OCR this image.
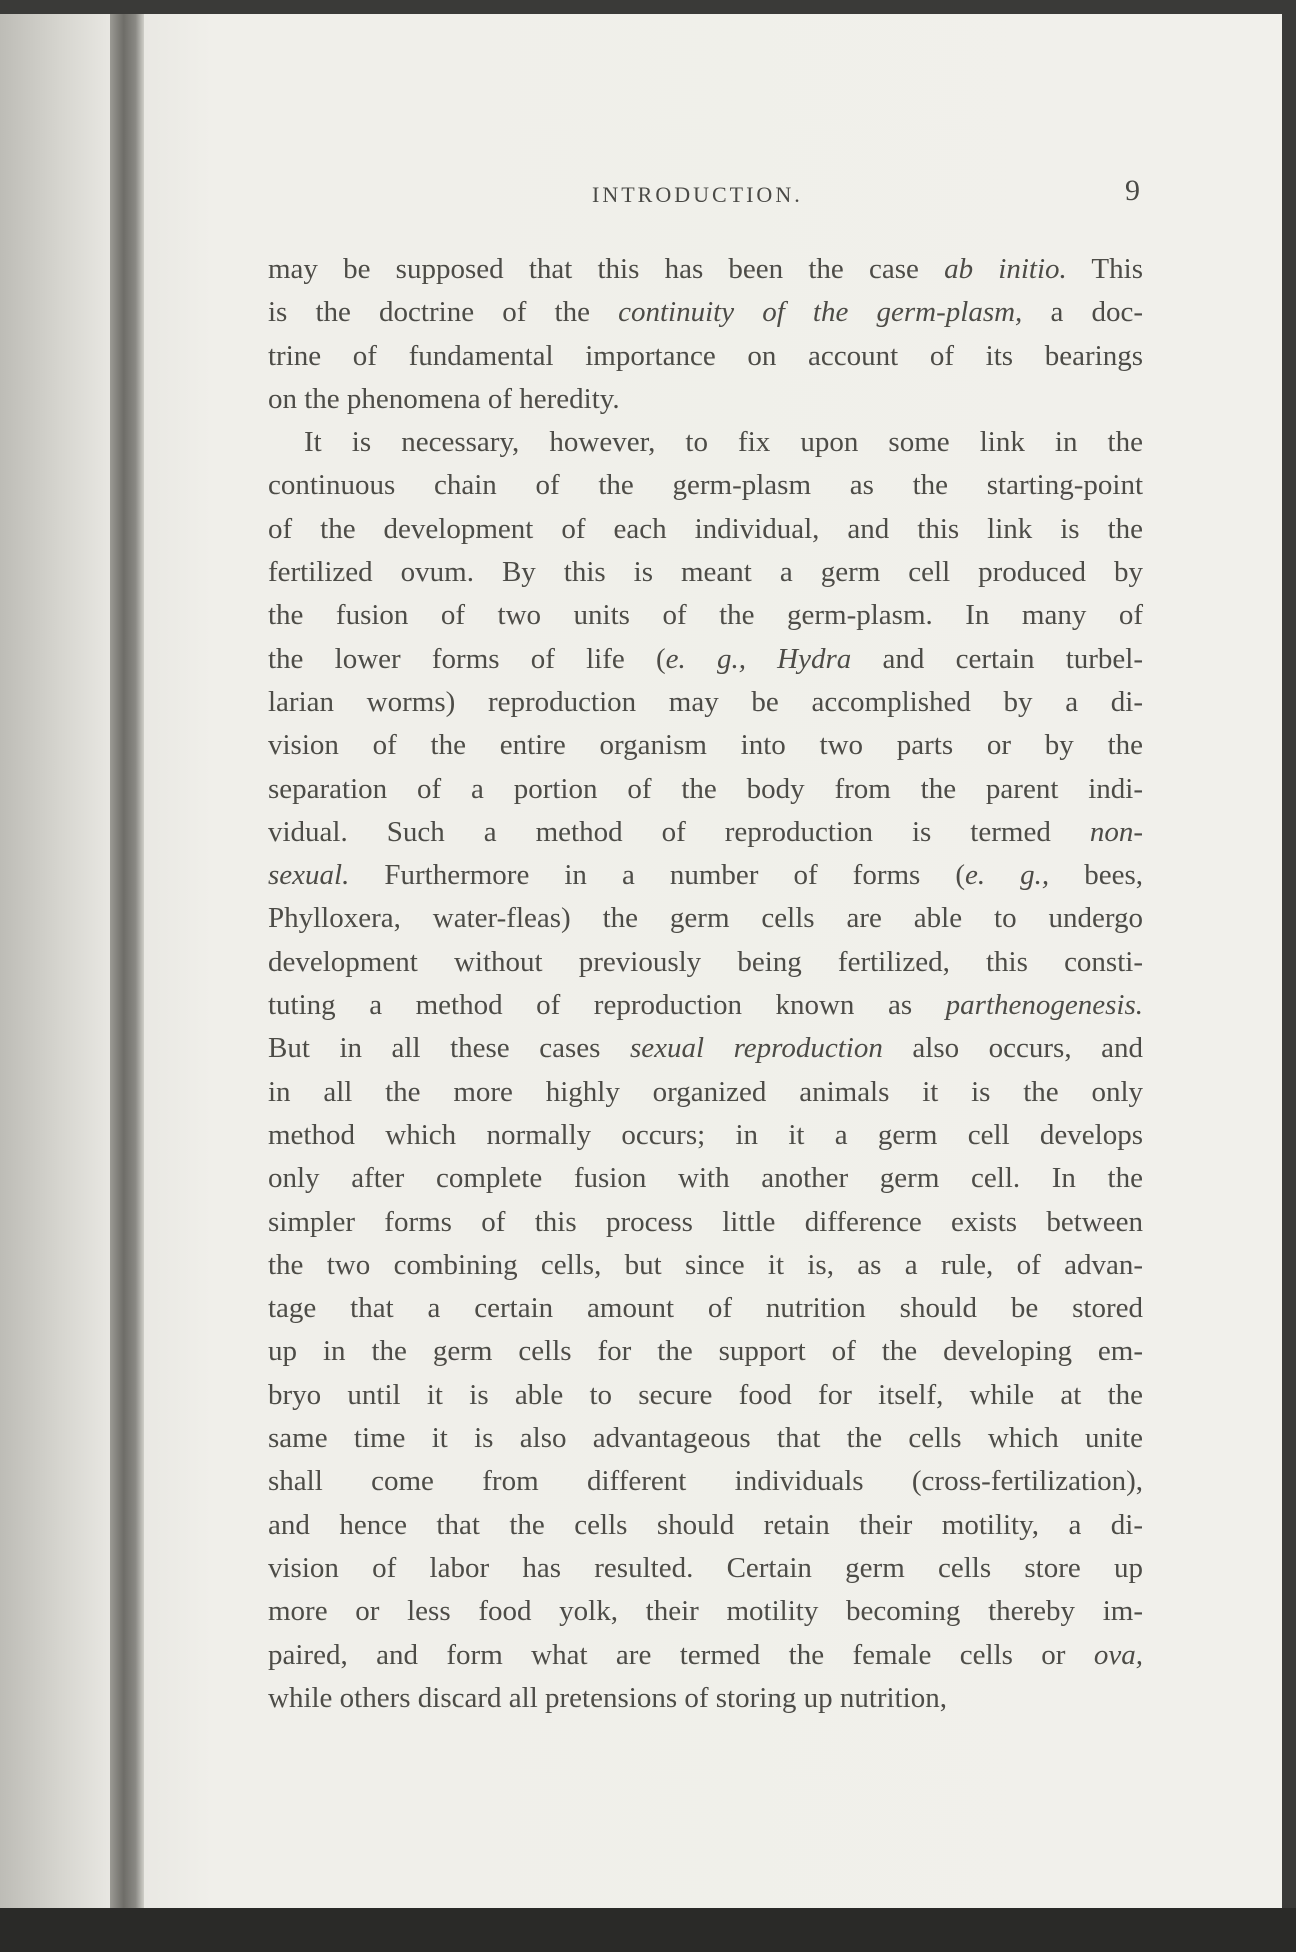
INTRODUCTION.	9
may be supposed that this has been the case ab initio. This
is the doctrine of the continuity of the germ-plasm, a doc-
trine of fundamental importance on account of its bearings
on the phenomena of heredity.
It is necessary, however, to fix upon some link in the
continuous chain of the germ-plasm as the starting-point
of the development of each individual, and this link is the
fertilized ovum. By this is meant a germ cell produced by
the fusion of two units of the germ-plasm. In many of
the lower forms of life (e. g., Hydra and certain turbel-
larian worms) reproduction may be accomplished by a di-
vision of the entire organism into two parts or by the
separation of a portion of the body from the parent indi-
vidual. Such a method of reproduction is termed non-
sexual. Furthermore in a number of forms (e. g., bees,
Phylloxera, water-fleas) the germ cells are able to undergo
development without previously being fertilized, this consti-
tuting a method of reproduction known as parthenogenesis.
But in all these cases sexual reproduction also occurs, and
in all the more highly organized animals it is the only
method which normally occurs; in it a germ cell develops
only after complete fusion with another germ cell. In the
simpler forms of this process little difference exists between
the two combining cells, but since it is, as a rule, of advan-
tage that a certain amount of nutrition should be stored
up in the germ cells for the support of the developing em-
bryo until it is able to secure food for itself, while at the
same time it is also advantageous that the cells which unite
shall come from different individuals (cross-fertilization),
and hence that the cells should retain their motility, a di-
vision of labor has resulted. Certain germ cells store up
more or less food yolk, their motility becoming thereby im-
paired, and form what are termed the female cells or ova,
while others discard all pretensions of storing up nutrition,
